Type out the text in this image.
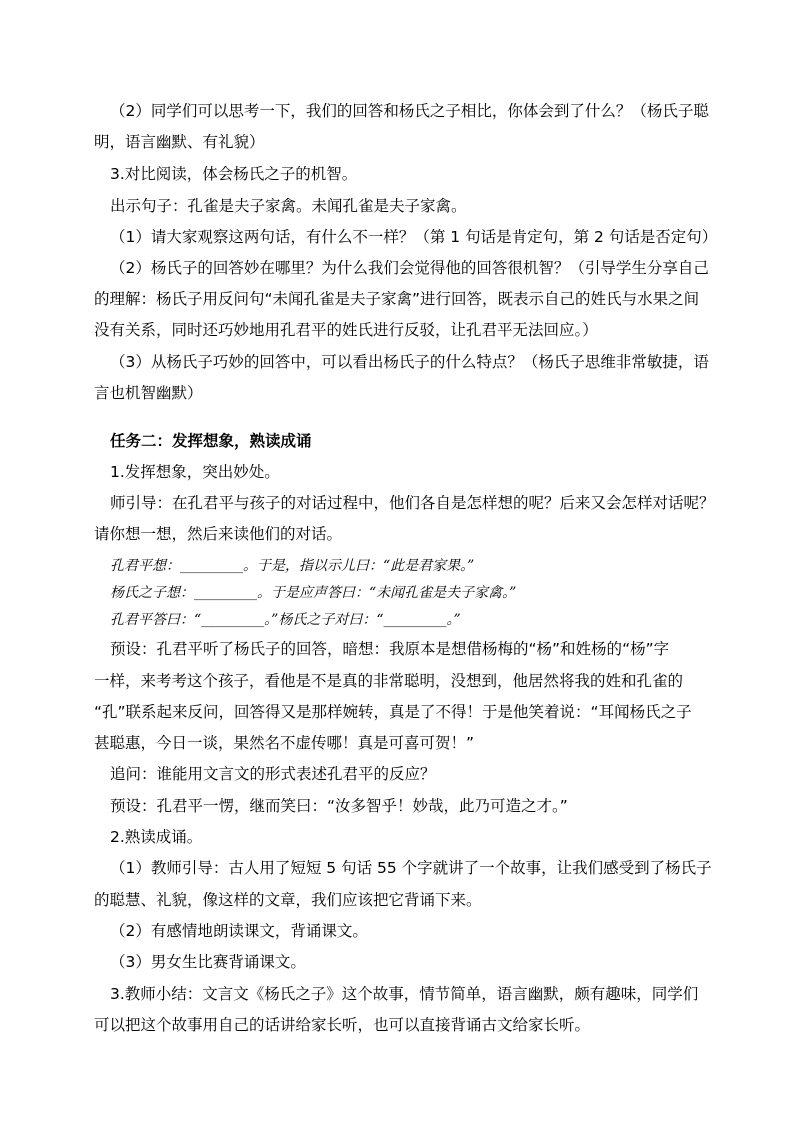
（2）同学们可以思考一下，我们的回答和杨氏之子相比，你体会到了什么？（杨氏子聪
明，语言幽默、有礼貌）
3.对比阅读，体会杨氏之子的机智。
出示句子：孔雀是夫子家禽。未闻孔雀是夫子家禽。
（1）请大家观察这两句话，有什么不一样？（第 1 句话是肯定句，第 2 句话是否定句）
（2）杨氏子的回答妙在哪里？为什么我们会觉得他的回答很机智？（引导学生分享自己
的理解：杨氏子用反问句“未闻孔雀是夫子家禽”进行回答，既表示自己的姓氏与水果之间
没有关系，同时还巧妙地用孔君平的姓氏进行反驳，让孔君平无法回应。）
（3）从杨氏子巧妙的回答中，可以看出杨氏子的什么特点？（杨氏子思维非常敏捷，语
言也机智幽默）
任务二：发挥想象，熟读成诵
1.发挥想象，突出妙处。
师引导：在孔君平与孩子的对话过程中，他们各自是怎样想的呢？后来又会怎样对话呢？
请你想一想，然后来读他们的对话。
孔君平想：_________。于是，指以示儿曰：“此是君家果。”
杨氏之子想：_________。于是应声答曰：“未闻孔雀是夫子家禽。”
孔君平答曰：“_________。”杨氏之子对曰：“_________。”
预设：孔君平听了杨氏子的回答，暗想：我原本是想借杨梅的“杨”和姓杨的“杨”字
一样，来考考这个孩子，看他是不是真的非常聪明，没想到，他居然将我的姓和孔雀的
“孔”联系起来反问，回答得又是那样婉转，真是了不得！于是他笑着说：“耳闻杨氏之子
甚聪惠，今日一谈，果然名不虚传哪！真是可喜可贺！”
追问：谁能用文言文的形式表述孔君平的反应？
预设：孔君平一愣，继而笑曰：“汝多智乎！妙哉，此乃可造之才。”
2.熟读成诵。
（1）教师引导：古人用了短短 5 句话 55 个字就讲了一个故事，让我们感受到了杨氏子
的聪慧、礼貌，像这样的文章，我们应该把它背诵下来。
（2）有感情地朗读课文，背诵课文。
（3）男女生比赛背诵课文。
3.教师小结：文言文《杨氏之子》这个故事，情节简单，语言幽默，颇有趣味，同学们
可以把这个故事用自己的话讲给家长听，也可以直接背诵古文给家长听。
